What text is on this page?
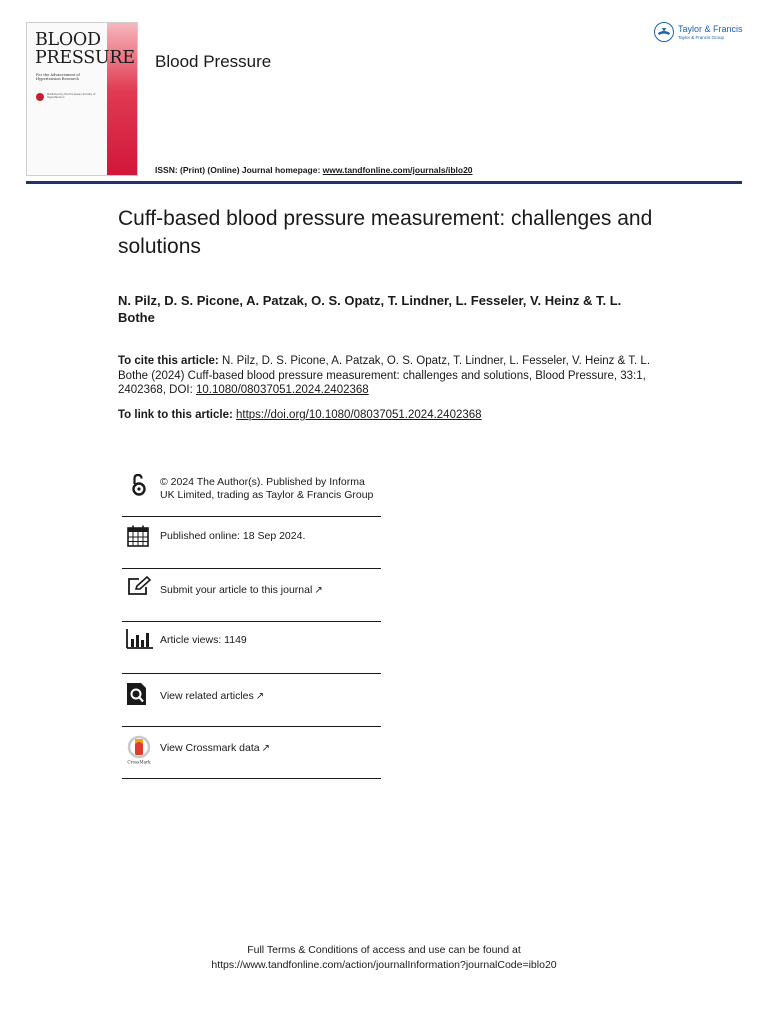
BLOOD
PRESSURE
For the Advancement of Hypertension Research
Published by the European Society of Hypertension
Blood Pressure
ISSN: (Print) (Online) Journal homepage: www.tandfonline.com/journals/iblo20
Taylor & Francis
Taylor & Francis Group
Cuff-based blood pressure measurement: challenges and solutions
N. Pilz, D. S. Picone, A. Patzak, O. S. Opatz, T. Lindner, L. Fesseler, V. Heinz & T. L. Bothe
To cite this article: N. Pilz, D. S. Picone, A. Patzak, O. S. Opatz, T. Lindner, L. Fesseler, V. Heinz & T. L. Bothe (2024) Cuff-based blood pressure measurement: challenges and solutions, Blood Pressure, 33:1, 2402368, DOI: 10.1080/08037051.2024.2402368
To link to this article: https://doi.org/10.1080/08037051.2024.2402368
© 2024 The Author(s). Published by Informa UK Limited, trading as Taylor & Francis Group
Published online: 18 Sep 2024.
Submit your article to this journal ↗
Article views: 1149
View related articles ↗
CrossMark
View Crossmark data ↗
Full Terms & Conditions of access and use can be found at
https://www.tandfonline.com/action/journalInformation?journalCode=iblo20
